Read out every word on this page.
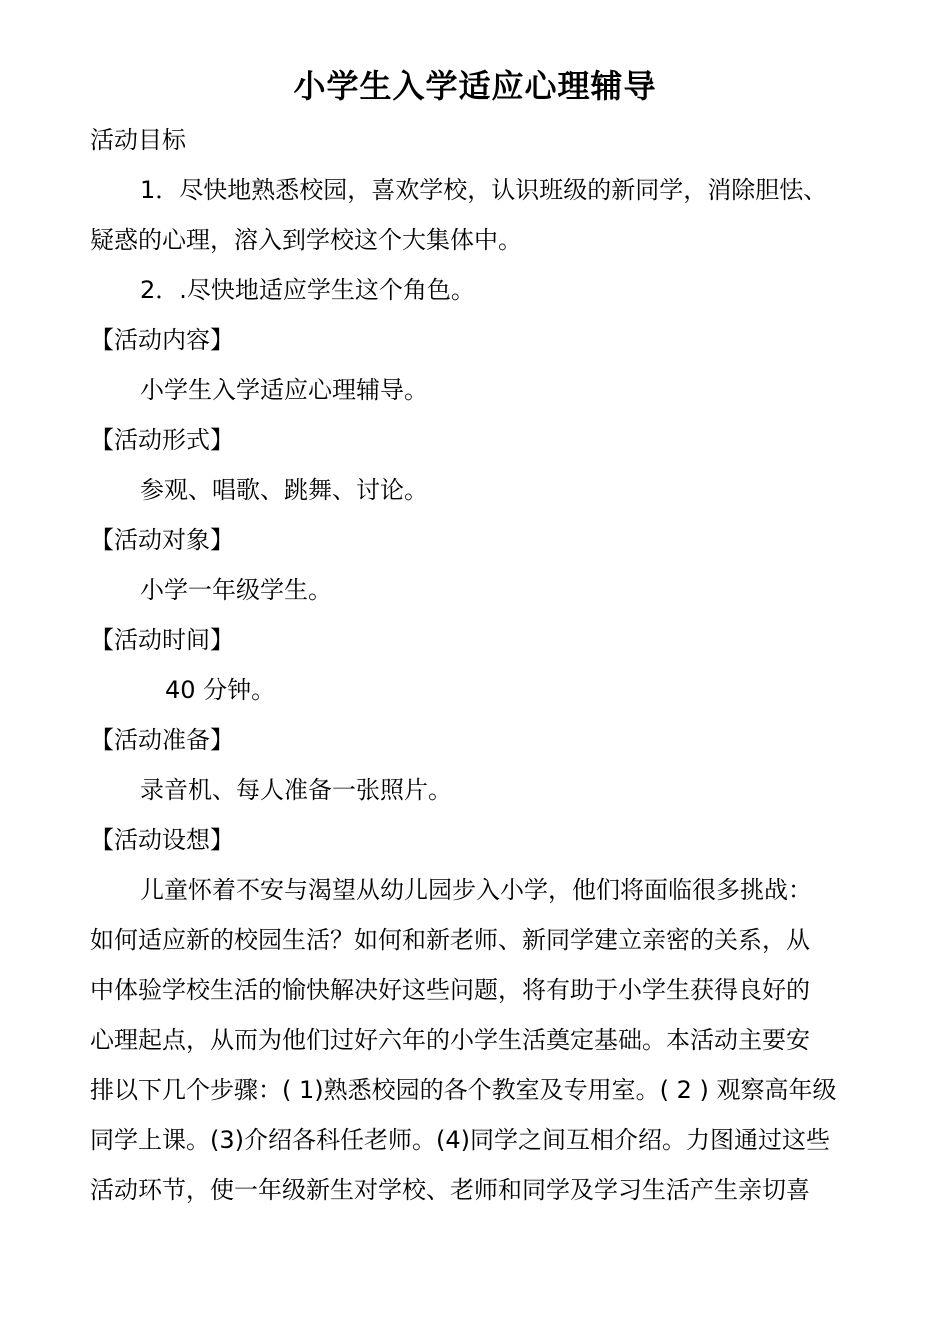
小学生入学适应心理辅导
活动目标
1．尽快地熟悉校园，喜欢学校，认识班级的新同学，消除胆怯、
疑惑的心理，溶入到学校这个大集体中。
2．.尽快地适应学生这个角色。
【活动内容】
小学生入学适应心理辅导。
【活动形式】
参观、唱歌、跳舞、讨论。
【活动对象】
小学一年级学生。
【活动时间】
40 分钟。
【活动准备】
录音机、每人准备一张照片。
【活动设想】
儿童怀着不安与渴望从幼儿园步入小学，他们将面临很多挑战：
如何适应新的校园生活？如何和新老师、新同学建立亲密的关系，从
中体验学校生活的愉快解决好这些问题，将有助于小学生获得良好的
心理起点，从而为他们过好六年的小学生活奠定基础。本活动主要安
排以下几个步骤：( 1)熟悉校园的各个教室及专用室。( 2 ) 观察高年级
同学上课。(3)介绍各科任老师。(4)同学之间互相介绍。力图通过这些
活动环节，使一年级新生对学校、老师和同学及学习生活产生亲切喜
